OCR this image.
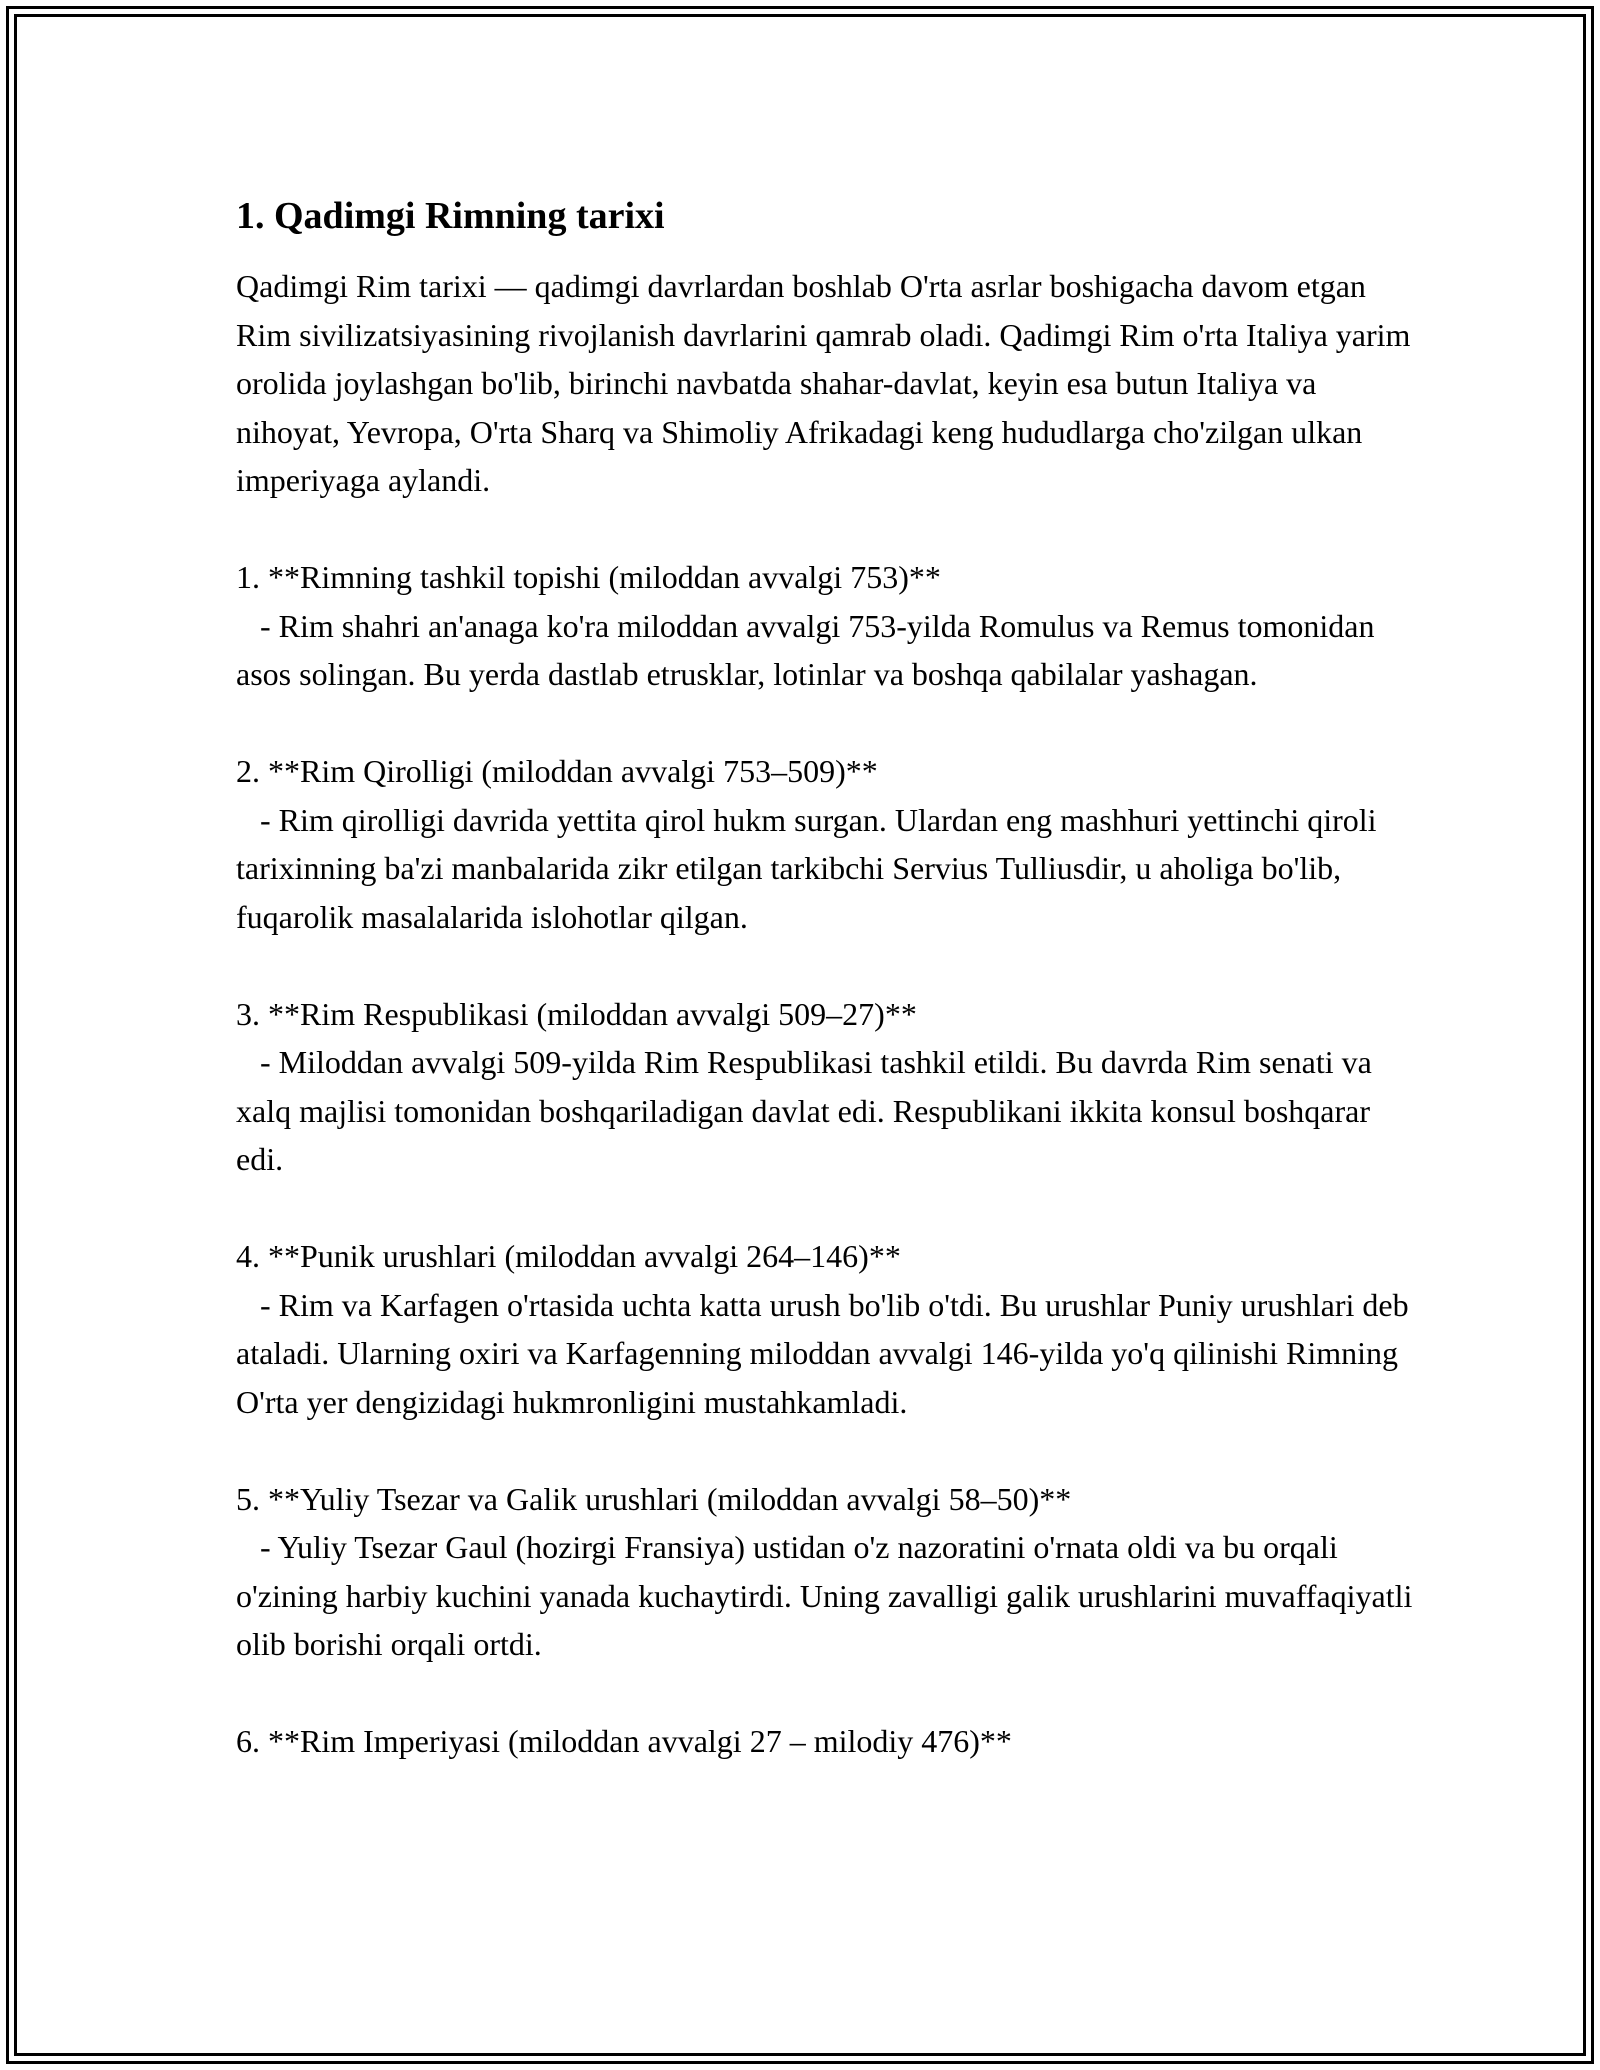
1. Qadimgi Rimning tarixi

Qadimgi Rim tarixi — qadimgi davrlardan boshlab O'rta asrlar boshigacha davom etgan Rim sivilizatsiyasining rivojlanish davrlarini qamrab oladi. Qadimgi Rim o'rta Italiya yarim orolida joylashgan bo'lib, birinchi navbatda shahar-davlat, keyin esa butun Italiya va nihoyat, Yevropa, O'rta Sharq va Shimoliy Afrikadagi keng hududlarga cho'zilgan ulkan imperiyaga aylandi.

1. **Rimning tashkil topishi (miloddan avvalgi 753)**

- Rim shahri an'anaga ko'ra miloddan avvalgi 753-yilda Romulus va Remus tomonidan asos solingan. Bu yerda dastlab etrusklar, lotinlar va boshqa qabilalar yashagan.

2. **Rim Qirolligi (miloddan avvalgi 753–509)**

- Rim qirolligi davrida yettita qirol hukm surgan. Ulardan eng mashhuri yettinchi qiroli tarixinning ba'zi manbalarida zikr etilgan tarkibchi Servius Tulliusdir, u aholiga bo'lib, fuqarolik masalalarida islohotlar qilgan.

3. **Rim Respublikasi (miloddan avvalgi 509–27)**

- Miloddan avvalgi 509-yilda Rim Respublikasi tashkil etildi. Bu davrda Rim senati va xalq majlisi tomonidan boshqariladigan davlat edi. Respublikani ikkita konsul boshqarar edi.

4. **Punik urushlari (miloddan avvalgi 264–146)**

- Rim va Karfagen o'rtasida uchta katta urush bo'lib o'tdi. Bu urushlar Puniy urushlari deb ataladi. Ularning oxiri va Karfagenning miloddan avvalgi 146-yilda yo'q qilinishi Rimning O'rta yer dengizidagi hukmronligini mustahkamladi.

5. **Yuliy Tsezar va Galik urushlari (miloddan avvalgi 58–50)**

- Yuliy Tsezar Gaul (hozirgi Fransiya) ustidan o'z nazoratini o'rnata oldi va bu orqali o'zining harbiy kuchini yanada kuchaytirdi. Uning zavalligi galik urushlarini muvaffaqiyatli olib borishi orqali ortdi.

6. **Rim Imperiyasi (miloddan avvalgi 27 – milodiy 476)**
